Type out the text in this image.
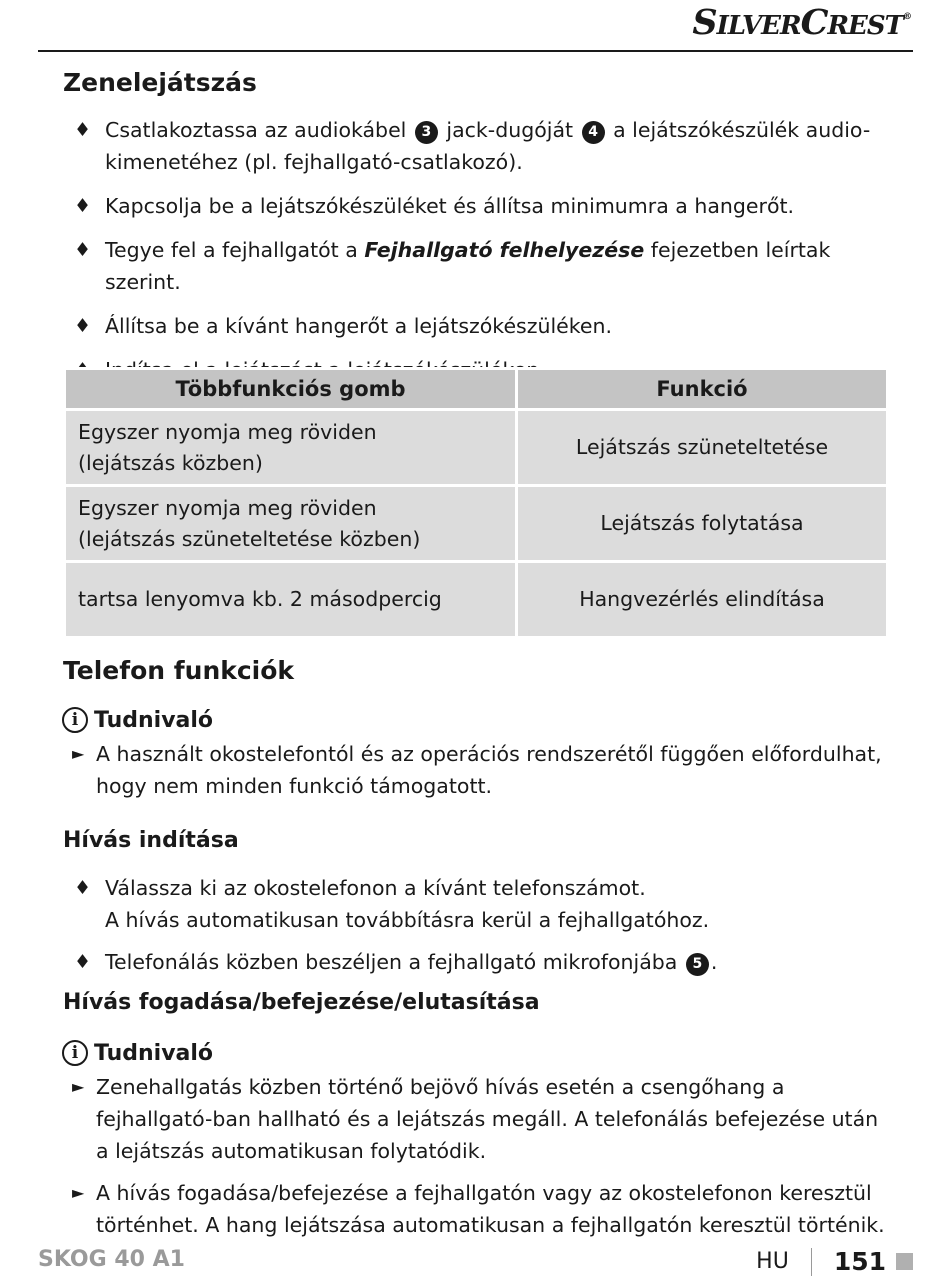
SILVERCREST®
Zenelejátszás
♦ Csatlakoztassa az audiokábel 3 jack-dugóját 4 a lejátszókészülék audio-kimenetéhez (pl. fejhallgató-csatlakozó).
♦ Kapcsolja be a lejátszókészüléket és állítsa minimumra a hangerőt.
♦ Tegye fel a fejhallgatót a Fejhallgató felhelyezése fejezetben leírtak szerint.
♦ Állítsa be a kívánt hangerőt a lejátszókészüléken.
Többfunkciós gomb	Funkció
Egyszer nyomja meg röviden
(lejátszás közben)	Lejátszás szüneteltetése
Egyszer nyomja meg röviden
(lejátszás szüneteltetése közben)	Lejátszás folytatása
tartsa lenyomva kb. 2 másodpercig	Hangvezérlés elindítása
Telefon funkciók
i Tudnivaló
► A használt okostelefontól és az operációs rendszerétől függően előfordulhat, hogy nem minden funkció támogatott.
Hívás indítása
♦ Válassza ki az okostelefonon a kívánt telefonszámot.
A hívás automatikusan továbbításra kerül a fejhallgatóhoz.
♦ Telefonálás közben beszéljen a fejhallgató mikrofonjába 5 .
Hívás fogadása/befejezése/elutasítása
i Tudnivaló
► Zenehallgatás közben történő bejövő hívás esetén a csengőhang a fejhallgató-ban hallható és a lejátszás megáll. A telefonálás befejezése után a lejátszás automatikusan folytatódik.
► A hívás fogadása/befejezése a fejhallgatón vagy az okostelefonon keresztül történhet. A hang lejátszása automatikusan a fejhallgatón keresztül történik.
SKOG 40 A1	HU 151
